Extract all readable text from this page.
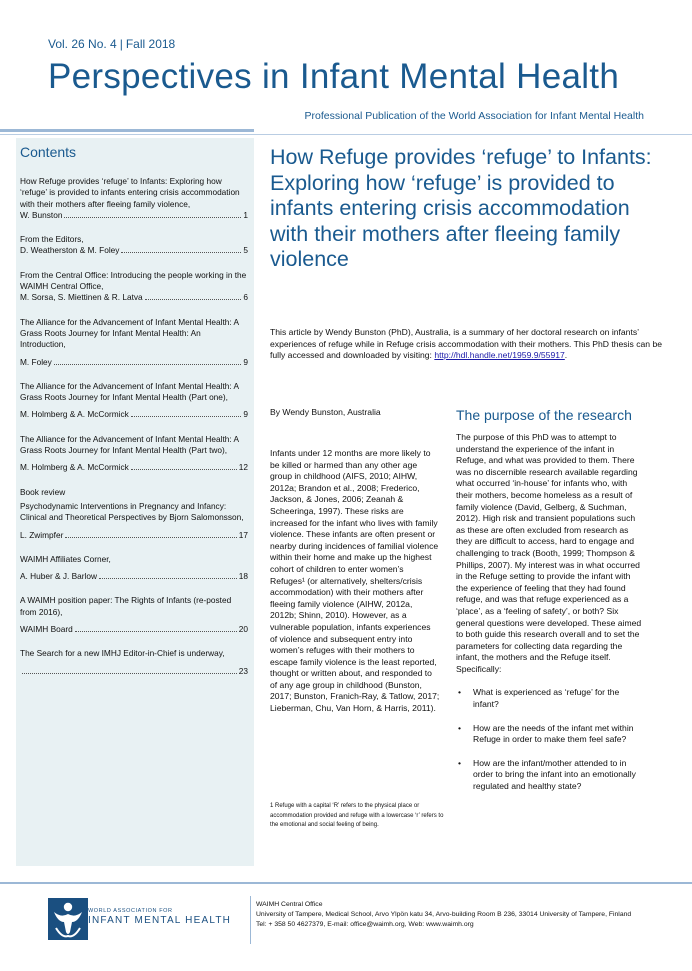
Vol. 26 No. 4 | Fall 2018
Perspectives in Infant Mental Health
Professional Publication of the World Association for Infant Mental Health
Contents
How Refuge provides ‘refuge’ to Infants: Exploring how ‘refuge’ is provided to infants entering crisis accommodation with their mothers after fleeing family violence,
W. Bunston	1
From the Editors,
D. Weatherston & M. Foley	5
From the Central Office: Introducing the people working in the WAIMH Central Office,
M. Sorsa, S. Miettinen & R. Latva	6
The Alliance for the Advancement of Infant Mental Health: A Grass Roots Journey for Infant Mental Health: An Introduction,
M. Foley	9
The Alliance for the Advancement of Infant Mental Health: A Grass Roots Journey for Infant Mental Health (Part one),
M. Holmberg & A. McCormick	9
The Alliance for the Advancement of Infant Mental Health: A Grass Roots Journey for Infant Mental Health (Part two),
M. Holmberg & A. McCormick	12
Book review
Psychodynamic Interventions in Pregnancy and Infancy: Clinical and Theoretical Perspectives by Bjorn Salomonsson,
L. Zwimpfer	17
WAIMH Affiliates Corner,
A. Huber & J. Barlow	18
A WAIMH position paper: The Rights of Infants (re-posted from 2016),
WAIMH Board	20
The Search for a new IMHJ Editor-in-Chief is underway,
23
How Refuge provides ‘refuge’ to Infants: Exploring how ‘refuge’ is provided to infants entering crisis accommodation with their mothers after fleeing family violence
This article by Wendy Bunston (PhD), Australia, is a summary of her doctoral research on infants’ experiences of refuge while in Refuge crisis accommodation with their mothers. This PhD thesis can be fully accessed and downloaded by visiting: http://hdl.handle.net/1959.9/55917.
By Wendy Bunston, Australia
Infants under 12 months are more likely to be killed or harmed than any other age group in childhood (AIFS, 2010; AIHW, 2012a; Brandon et al., 2008; Frederico, Jackson, & Jones, 2006; Zeanah & Scheeringa, 1997). These risks are increased for the infant who lives with family violence. These infants are often present or nearby during incidences of familial violence within their home and make up the highest cohort of children to enter women’s Refuges¹ (or alternatively, shelters/crisis accommodation) with their mothers after fleeing family violence (AIHW, 2012a, 2012b; Shinn, 2010). However, as a vulnerable population, infants experiences of violence and subsequent entry into women’s refuges with their mothers to escape family violence is the least reported, thought or written about, and responded to of any age group in childhood (Bunston, 2017; Bunston, Franich-Ray, & Tatlow, 2017; Lieberman, Chu, Van Horn, & Harris, 2011).
1 Refuge with a capital ‘R’ refers to the physical place or accommodation provided and refuge with a lowercase ‘r’ refers to the emotional and social feeling of being.
The purpose of the research

The purpose of this PhD was to attempt to understand the experience of the infant in Refuge, and what was provided to them. There was no discernible research available regarding what occurred ‘in-house’ for infants who, with their mothers, become homeless as a result of family violence (David, Gelberg, & Suchman, 2012). High risk and transient populations such as these are often excluded from research as they are difficult to access, hard to engage and challenging to track (Booth, 1999; Thompson & Phillips, 2007). My interest was in what occurred in the Refuge setting to provide the infant with the experience of feeling that they had found refuge, and was that refuge experienced as a ‘place’, as a ‘feeling of safety’, or both? Six general questions were developed. These aimed to both guide this research overall and to set the parameters for collecting data regarding the infant, the mothers and the Refuge itself. Specifically:

• What is experienced as ‘refuge’ for the infant?
• How are the needs of the infant met within Refuge in order to make them feel safe?
• How are the infant/mother attended to in order to bring the infant into an emotionally regulated and healthy state?
WORLD ASSOCIATION FOR
INFANT MENTAL HEALTH
WAIMH Central Office
University of Tampere, Medical School, Arvo Ylpön katu 34, Arvo-building Room B 236, 33014 University of Tampere, Finland
Tel: + 358 50 4627379, E-mail: office@waimh.org, Web: www.waimh.org
